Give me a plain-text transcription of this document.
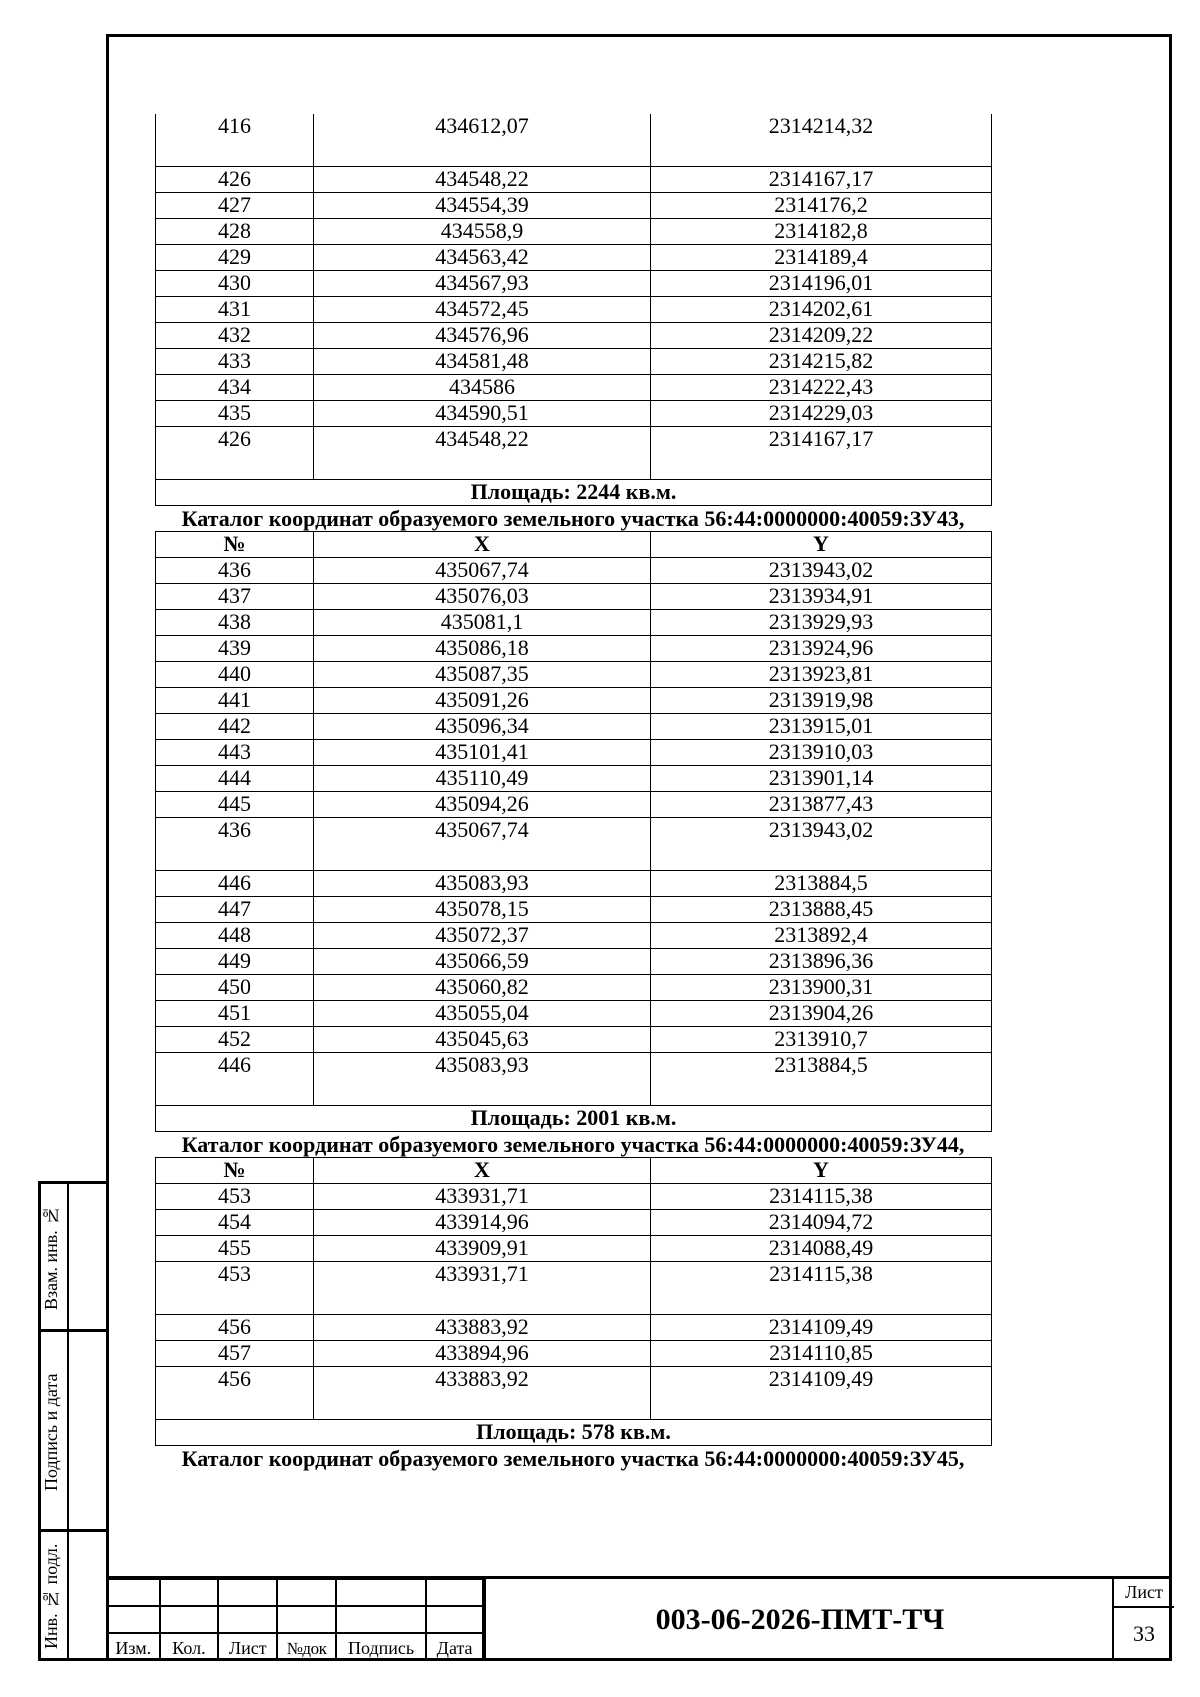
416	434612,07	2314214,32
426	434548,22	2314167,17
427	434554,39	2314176,2
428	434558,9	2314182,8
429	434563,42	2314189,4
430	434567,93	2314196,01
431	434572,45	2314202,61
432	434576,96	2314209,22
433	434581,48	2314215,82
434	434586	2314222,43
435	434590,51	2314229,03
426	434548,22	2314167,17
Площадь: 2244 кв.м.		
Каталог координат образуемого земельного участка 56:44:0000000:40059:ЗУ43,
№	X	Y
436	435067,74	2313943,02
437	435076,03	2313934,91
438	435081,1	2313929,93
439	435086,18	2313924,96
440	435087,35	2313923,81
441	435091,26	2313919,98
442	435096,34	2313915,01
443	435101,41	2313910,03
444	435110,49	2313901,14
445	435094,26	2313877,43
436	435067,74	2313943,02
446	435083,93	2313884,5
447	435078,15	2313888,45
448	435072,37	2313892,4
449	435066,59	2313896,36
450	435060,82	2313900,31
451	435055,04	2313904,26
452	435045,63	2313910,7
446	435083,93	2313884,5
Площадь: 2001 кв.м.		
Каталог координат образуемого земельного участка 56:44:0000000:40059:ЗУ44,
№	X	Y
453	433931,71	2314115,38
454	433914,96	2314094,72
455	433909,91	2314088,49
453	433931,71	2314115,38
456	433883,92	2314109,49
457	433894,96	2314110,85
456	433883,92	2314109,49
Площадь: 578 кв.м.		
Каталог координат образуемого земельного участка 56:44:0000000:40059:ЗУ45,
Взам. инв. №
Подпись и дата
Инв. № подл.

						Изм.	Кол.	Лист	№док	Подпись	Дата
003-06-2026-ПМТ-ТЧ
Лист
33
